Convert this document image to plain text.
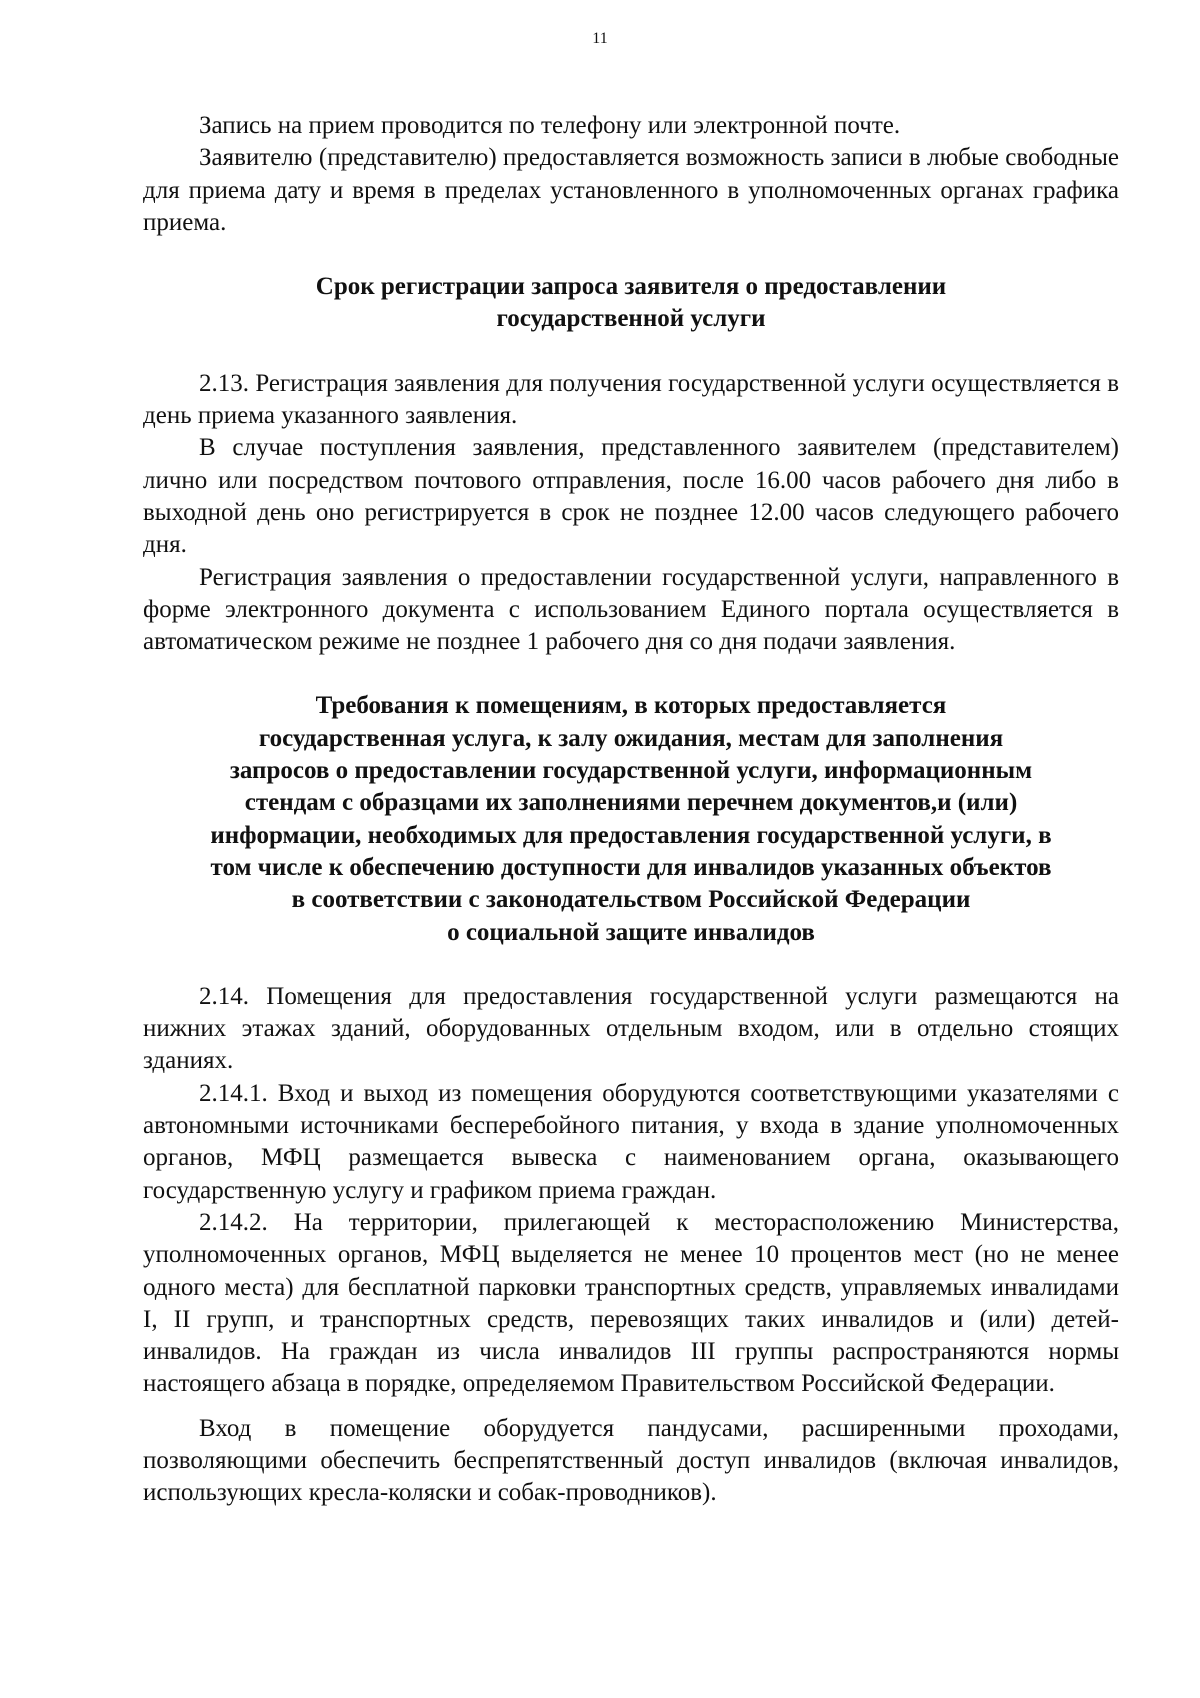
11

Запись на прием проводится по телефону или электронной почте.

Заявителю (представителю) предоставляется возможность записи в любые свободные для приема дату и время в пределах установленного в уполномоченных органах графика приема.

Срок регистрации запроса заявителя о предоставлении
государственной услуги

2.13. Регистрация заявления для получения государственной услуги осуществляется в день приема указанного заявления.

В случае поступления заявления, представленного заявителем (представителем) лично или посредством почтового отправления, после 16.00 часов рабочего дня либо в выходной день оно регистрируется в срок не позднее 12.00 часов следующего рабочего дня.

Регистрация заявления о предоставлении государственной услуги, направленного в форме электронного документа с использованием Единого портала осуществляется в автоматическом режиме не позднее 1 рабочего дня со дня подачи заявления.

Требования к помещениям, в которых предоставляется
государственная услуга, к залу ожидания, местам для заполнения
запросов о предоставлении государственной услуги, информационным
стендам с образцами их заполнениями перечнем документов,и (или)
информации, необходимых для предоставления государственной услуги, в
том числе к обеспечению доступности для инвалидов указанных объектов
в соответствии с законодательством Российской Федерации
о социальной защите инвалидов

2.14. Помещения для предоставления государственной услуги размещаются на нижних этажах зданий, оборудованных отдельным входом, или в отдельно стоящих зданиях.

2.14.1. Вход и выход из помещения оборудуются соответствующими указателями с автономными источниками бесперебойного питания, у входа в здание уполномоченных органов, МФЦ размещается вывеска с наименованием органа, оказывающего государственную услугу и графиком приема граждан.

2.14.2. На территории, прилегающей к месторасположению Министерства, уполномоченных органов, МФЦ выделяется не менее 10 процентов мест (но не менее одного места) для бесплатной парковки транспортных средств, управляемых инвалидами I, II групп, и транспортных средств, перевозящих таких инвалидов и (или) детей-инвалидов. На граждан из числа инвалидов III группы распространяются нормы настоящего абзаца в порядке, определяемом Правительством Российской Федерации.

Вход в помещение оборудуется пандусами, расширенными проходами, позволяющими обеспечить беспрепятственный доступ инвалидов (включая инвалидов, использующих кресла-коляски и собак-проводников).
